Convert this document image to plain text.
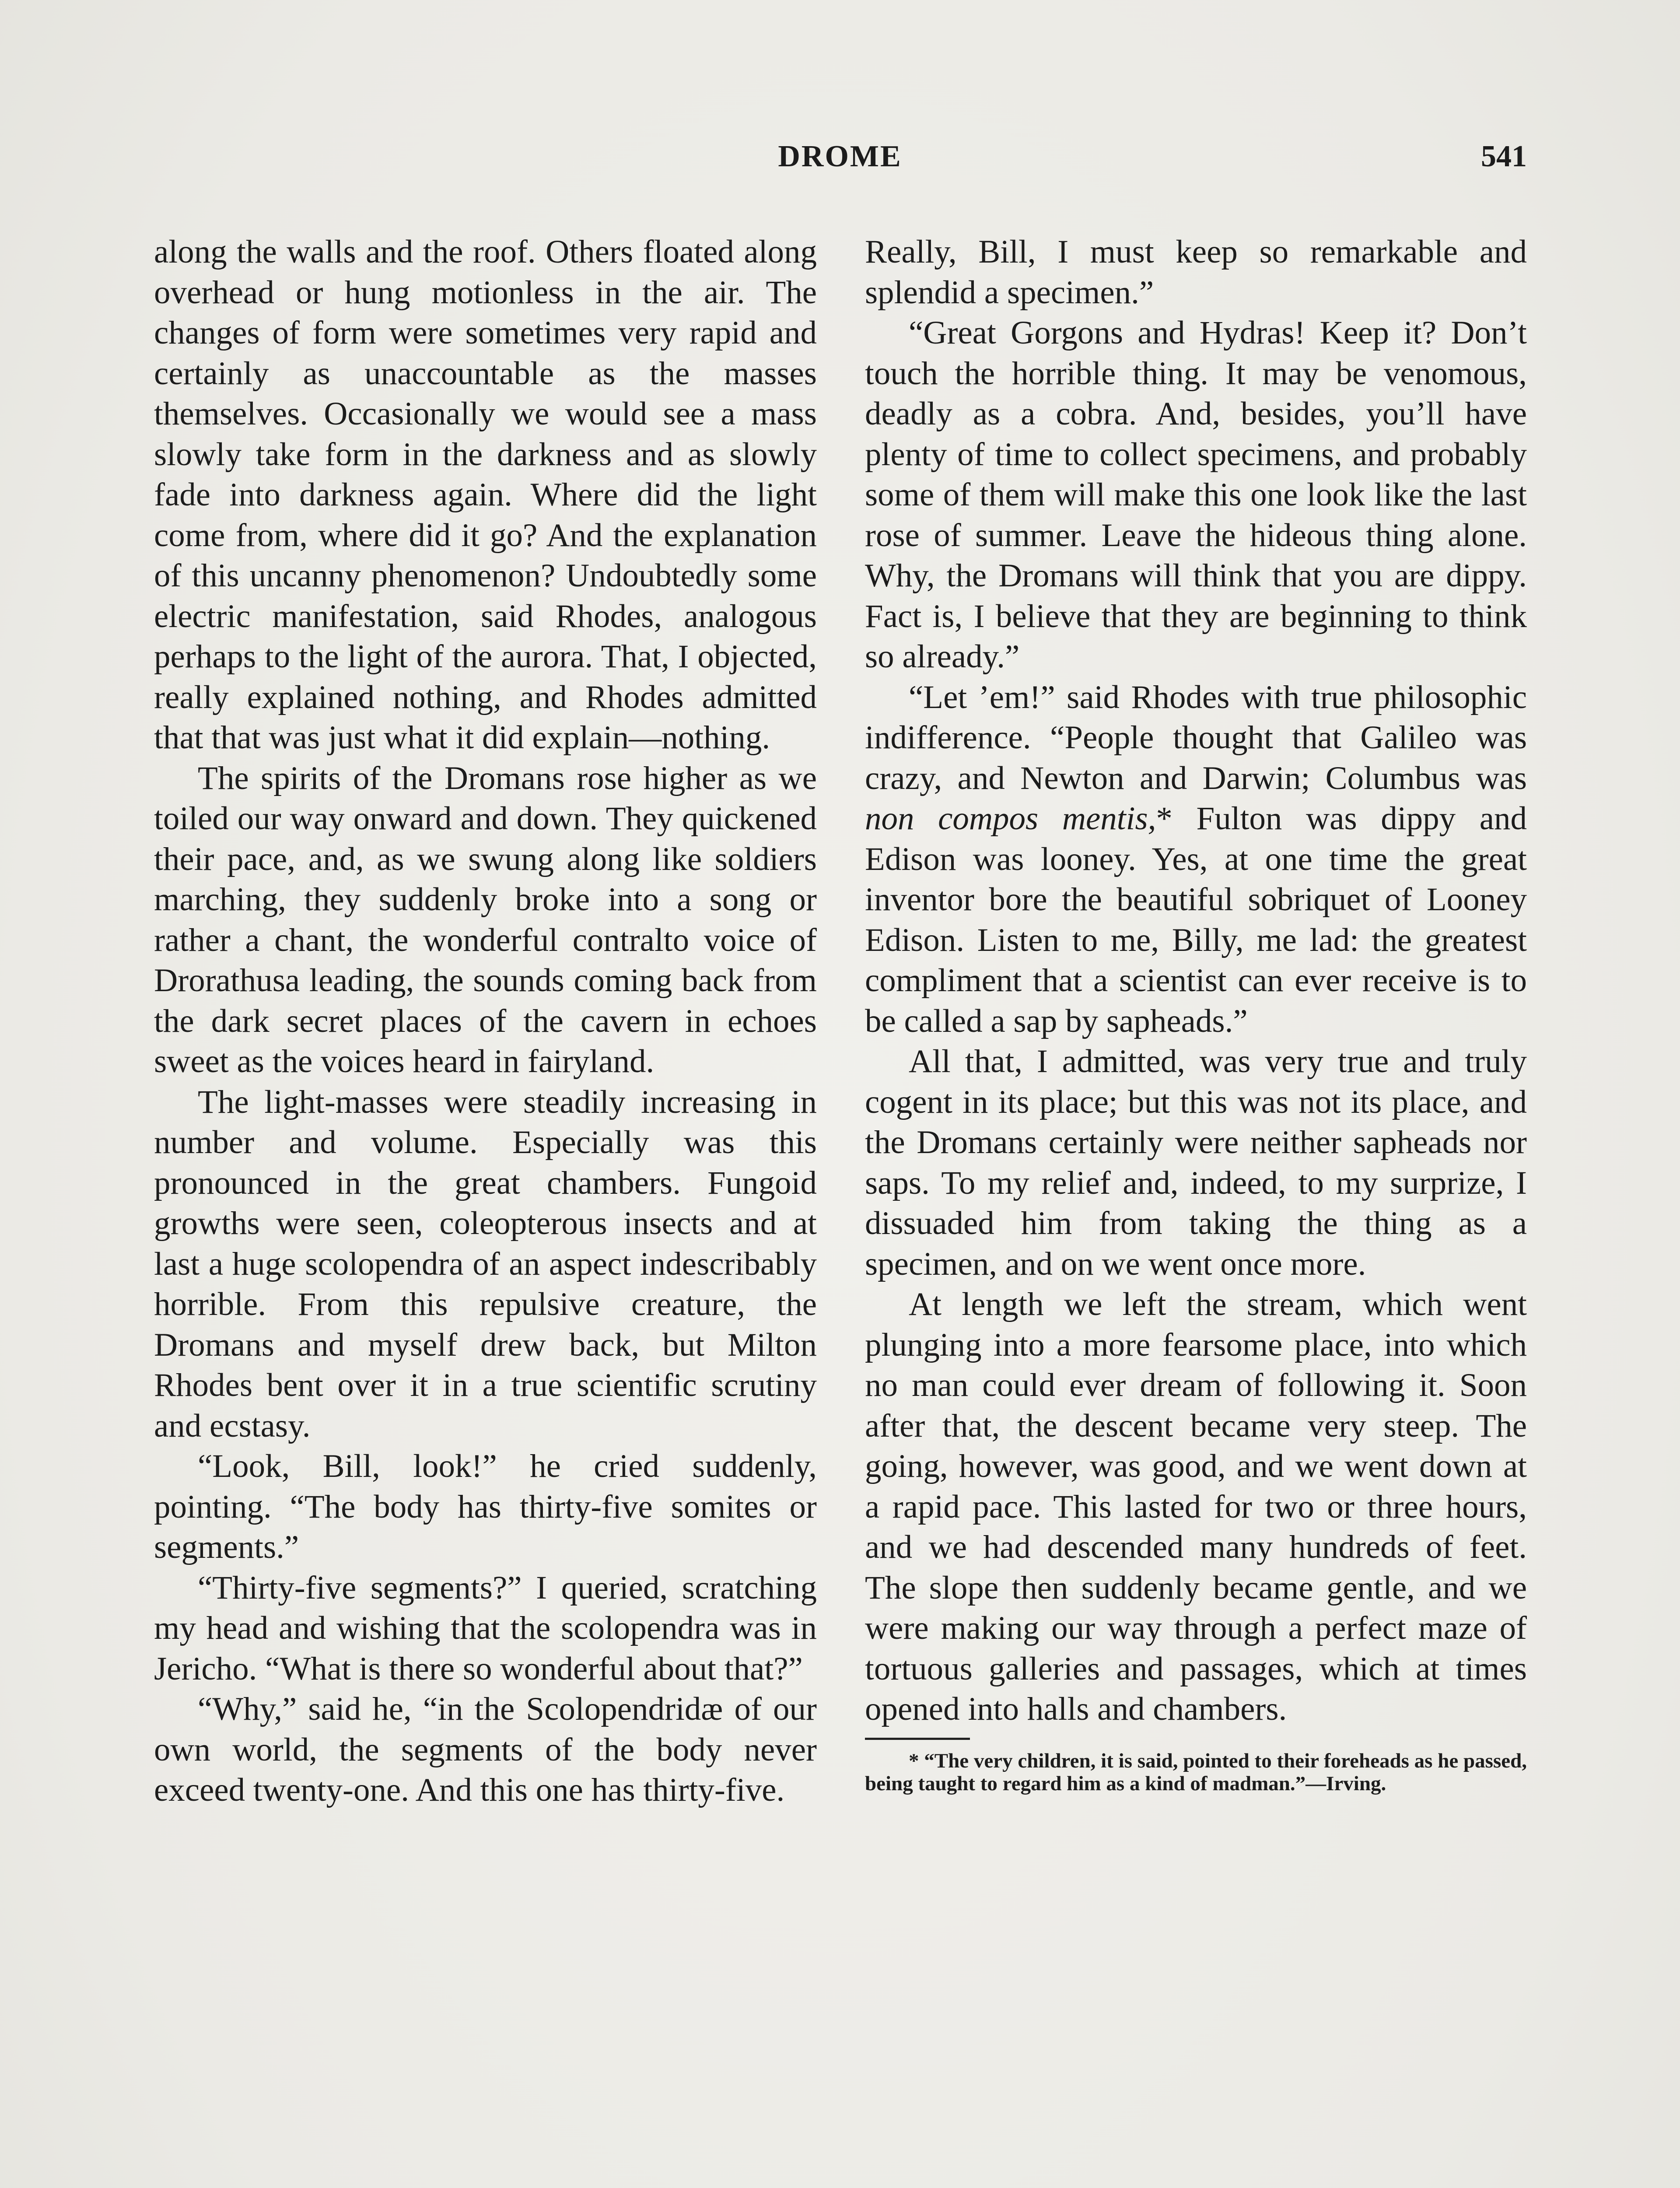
DROME	541

along the walls and the roof. Others floated along overhead or hung motionless in the air. The changes of form were sometimes very rapid and certainly as unaccountable as the masses themselves. Occasionally we would see a mass slowly take form in the darkness and as slowly fade into darkness again. Where did the light come from, where did it go? And the explanation of this uncanny phenomenon? Undoubtedly some electric manifestation, said Rhodes, analogous perhaps to the light of the aurora. That, I objected, really explained nothing, and Rhodes admitted that that was just what it did explain—nothing.

The spirits of the Dromans rose higher as we toiled our way onward and down. They quickened their pace, and, as we swung along like soldiers marching, they suddenly broke into a song or rather a chant, the wonderful contralto voice of Drorathusa leading, the sounds coming back from the dark secret places of the cavern in echoes sweet as the voices heard in fairyland.

The light-masses were steadily increasing in number and volume. Especially was this pronounced in the great chambers. Fungoid growths were seen, coleopterous insects and at last a huge scolopendra of an aspect indescribably horrible. From this repulsive creature, the Dromans and myself drew back, but Milton Rhodes bent over it in a true scientific scrutiny and ecstasy.

“Look, Bill, look!” he cried suddenly, pointing. “The body has thirty-five somites or segments.”

“Thirty-five segments?” I queried, scratching my head and wishing that the scolopendra was in Jericho. “What is there so wonderful about that?”

“Why,” said he, “in the Scolopendridæ of our own world, the segments of the body never exceed twenty-one. And this one has thirty-five.

Really, Bill, I must keep so remarkable and splendid a specimen.”

“Great Gorgons and Hydras! Keep it? Don’t touch the horrible thing. It may be venomous, deadly as a cobra. And, besides, you’ll have plenty of time to collect specimens, and probably some of them will make this one look like the last rose of summer. Leave the hideous thing alone. Why, the Dromans will think that you are dippy. Fact is, I believe that they are beginning to think so already.”

“Let ’em!” said Rhodes with true philosophic indifference. “People thought that Galileo was crazy, and Newton and Darwin; Columbus was non compos mentis,* Fulton was dippy and Edison was looney. Yes, at one time the great inventor bore the beautiful sobriquet of Looney Edison. Listen to me, Billy, me lad: the greatest compliment that a scientist can ever receive is to be called a sap by sapheads.”

All that, I admitted, was very true and truly cogent in its place; but this was not its place, and the Dromans certainly were neither sapheads nor saps. To my relief and, indeed, to my surprize, I dissuaded him from taking the thing as a specimen, and on we went once more.

At length we left the stream, which went plunging into a more fearsome place, into which no man could ever dream of following it. Soon after that, the descent became very steep. The going, however, was good, and we went down at a rapid pace. This lasted for two or three hours, and we had descended many hundreds of feet. The slope then suddenly became gentle, and we were making our way through a perfect maze of tortuous galleries and passages, which at times opened into halls and chambers.

* “The very children, it is said, pointed to their foreheads as he passed, being taught to regard him as a kind of madman.”—Irving.
